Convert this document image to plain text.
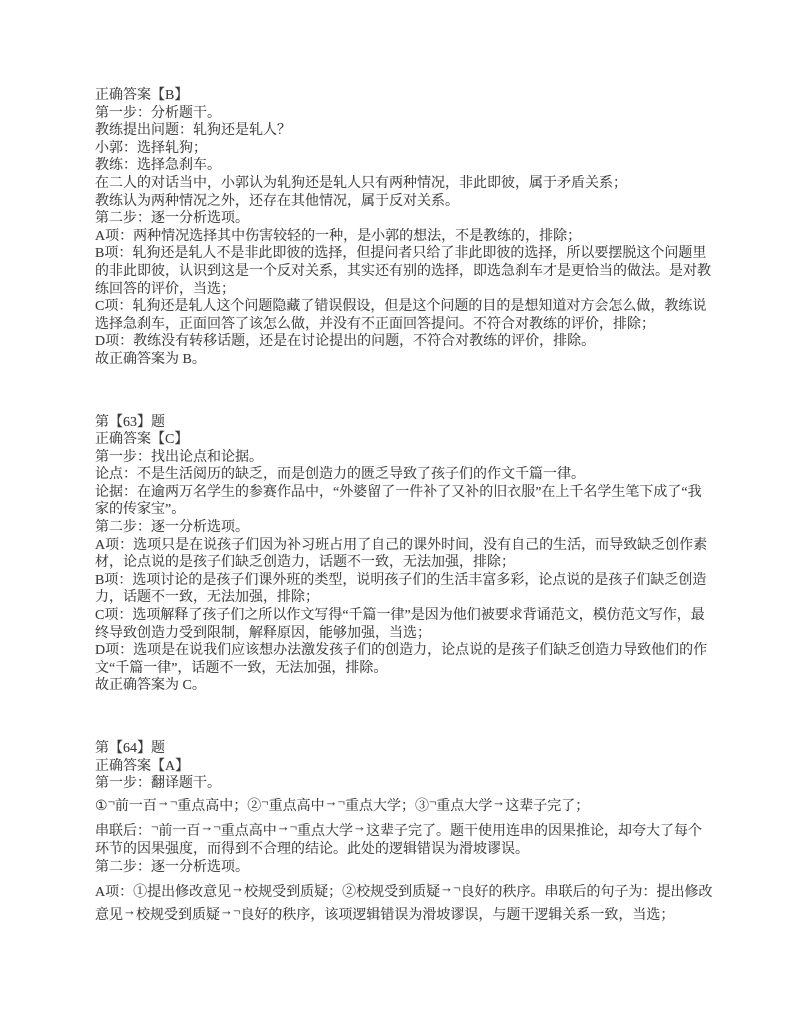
正确答案【B】

第一步：分析题干。

教练提出问题：轧狗还是轧人？

小郭：选择轧狗；

教练：选择急刹车。

在二人的对话当中，小郭认为轧狗还是轧人只有两种情况，非此即彼，属于矛盾关系；

教练认为两种情况之外，还存在其他情况，属于反对关系。

第二步：逐一分析选项。

A项：两种情况选择其中伤害较轻的一种，是小郭的想法，不是教练的，排除；

B项：轧狗还是轧人不是非此即彼的选择，但提问者只给了非此即彼的选择，所以要摆脱这个问题里的非此即彼，认识到这是一个反对关系，其实还有别的选择，即选急刹车才是更恰当的做法。是对教练回答的评价，当选；

C项：轧狗还是轧人这个问题隐藏了错误假设，但是这个问题的目的是想知道对方会怎么做，教练说选择急刹车，正面回答了该怎么做，并没有不正面回答提问。不符合对教练的评价，排除；

D项：教练没有转移话题，还是在讨论提出的问题，不符合对教练的评价，排除。

故正确答案为 B。

第【63】题

正确答案【C】

第一步：找出论点和论据。

论点：不是生活阅历的缺乏，而是创造力的匮乏导致了孩子们的作文千篇一律。

论据：在逾两万名学生的参赛作品中，“外婆留了一件补了又补的旧衣服”在上千名学生笔下成了“我家的传家宝”。

第二步：逐一分析选项。

A项：选项只是在说孩子们因为补习班占用了自己的课外时间，没有自己的生活，而导致缺乏创作素材，论点说的是孩子们缺乏创造力，话题不一致，无法加强，排除；

B项：选项讨论的是孩子们课外班的类型，说明孩子们的生活丰富多彩，论点说的是孩子们缺乏创造力，话题不一致，无法加强，排除；

C项：选项解释了孩子们之所以作文写得“千篇一律”是因为他们被要求背诵范文，模仿范文写作，最终导致创造力受到限制，解释原因，能够加强，当选；

D项：选项是在说我们应该想办法激发孩子们的创造力，论点说的是孩子们缺乏创造力导致他们的作文“千篇一律”，话题不一致，无法加强，排除。

故正确答案为 C。

第【64】题

正确答案【A】

第一步：翻译题干。

①¬前一百→¬重点高中；②¬重点高中→¬重点大学；③¬重点大学→这辈子完了；

串联后：¬前一百→¬重点高中→¬重点大学→这辈子完了。题干使用连串的因果推论，却夸大了每个环节的因果强度，而得到不合理的结论。此处的逻辑错误为滑坡谬误。

第二步：逐一分析选项。

A项：①提出修改意见→校规受到质疑；②校规受到质疑→¬良好的秩序。串联后的句子为：提出修改意见→校规受到质疑→¬良好的秩序，该项逻辑错误为滑坡谬误，与题干逻辑关系一致，当选；
